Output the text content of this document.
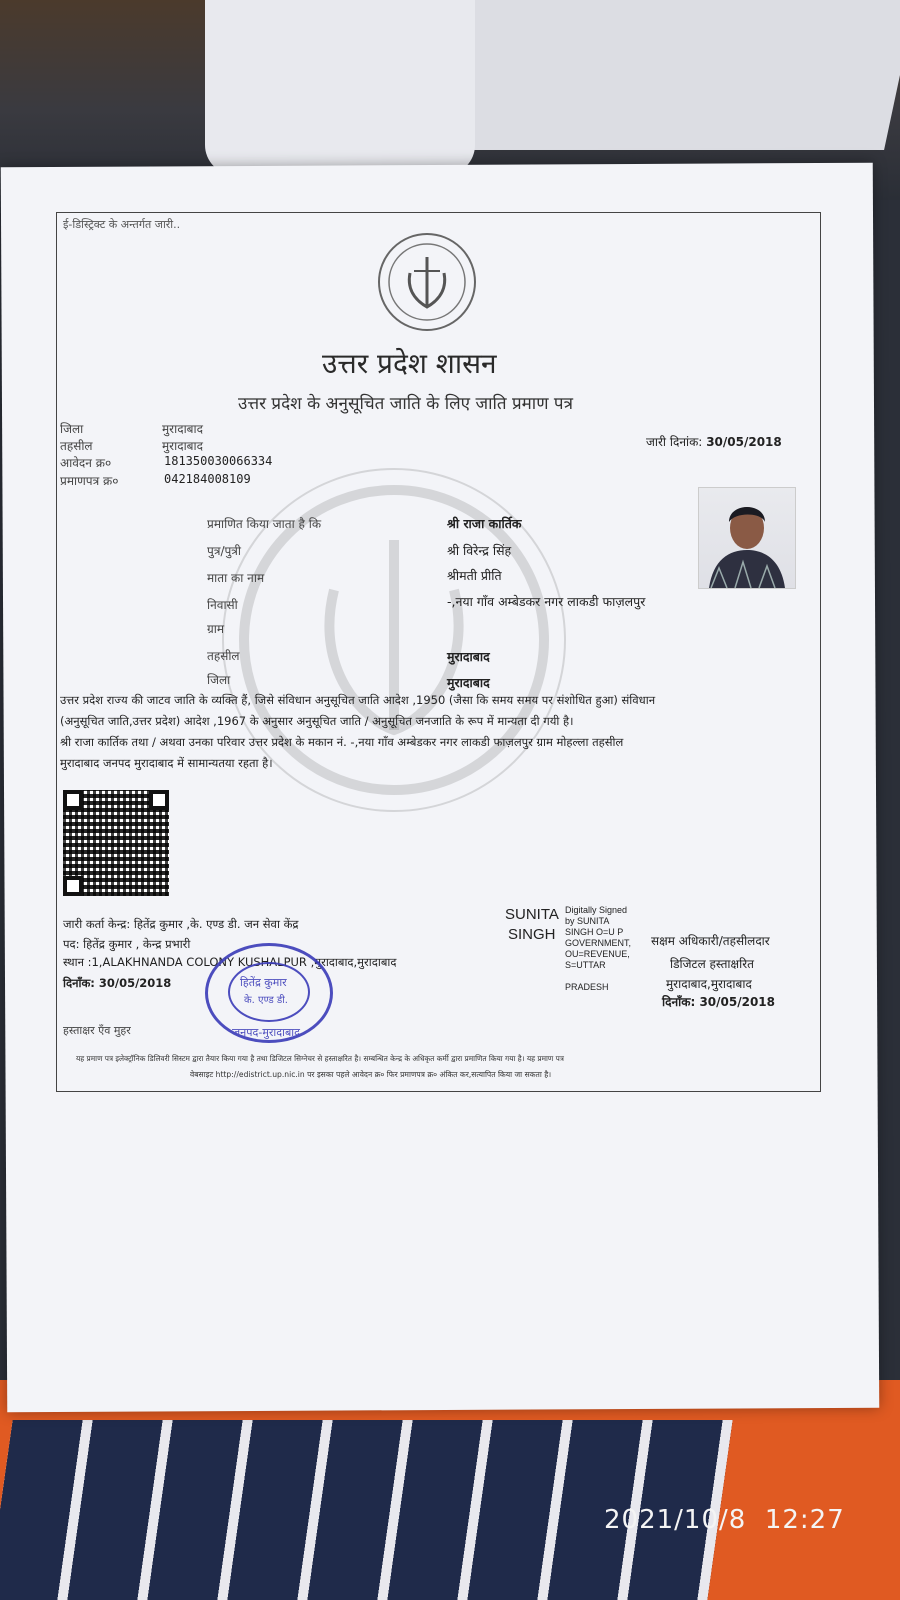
ई-डिस्ट्रिक्ट के अन्तर्गत जारी..
उत्तर प्रदेश शासन
उत्तर प्रदेश के अनुसूचित जाति के लिए जाति प्रमाण पत्र
जारी दिनांक: 30/05/2018
जिला	मुरादाबाद
तहसील	मुरादाबाद
आवेदन क्र०	181350030066334
प्रमाणपत्र क्र०	042184008109
प्रमाणित किया जाता है कि	श्री राजा कार्तिक
पुत्र/पुत्री	श्री विरेन्द्र सिंह
माता का नाम	श्रीमती प्रीति
निवासी	-,नया गाँव अम्बेडकर नगर लाकडी फाज़लपुर
ग्राम
तहसील	मुरादाबाद
जिला	मुरादाबाद
उत्तर प्रदेश राज्य की जाटव जाति के व्यक्ति हैं, जिसे संविधान अनुसूचित जाति आदेश ,1950 (जैसा कि समय समय पर संशोधित हुआ) संविधान
(अनुसूचित जाति,उत्तर प्रदेश) आदेश ,1967 के अनुसार अनुसूचित जाति / अनुसूचित जनजाति के रूप में मान्यता दी गयी है।
श्री राजा कार्तिक तथा / अथवा उनका परिवार उत्तर प्रदेश के मकान नं. -,नया गाँव अम्बेडकर नगर लाकडी फाज़लपुर ग्राम मोहल्ला तहसील
मुरादाबाद जनपद मुरादाबाद में सामान्यतया रहता है।
जारी कर्ता केन्द्र: हितेंद्र कुमार ,के. एण्ड डी. जन सेवा केंद्र
पद: हितेंद्र कुमार , केन्द्र प्रभारी
स्थान :1,ALAKHNANDA COLONY KUSHALPUR ,मुरादाबाद,मुरादाबाद
दिनाँक: 30/05/2018
हस्ताक्षर एँव मुहर
हितेंद्र कुमार
के. एण्ड डी.
जनपद-मुरादाबाद
SUNITA
SINGH
Digitally Signed
by SUNITA
SINGH O=U P
GOVERNMENT,
OU=REVENUE,
S=UTTAR
PRADESH
सक्षम अधिकारी/तहसीलदार
डिजिटल हस्ताक्षरित
मुरादाबाद,मुरादाबाद
दिनाँक: 30/05/2018
यह प्रमाण पत्र इलेक्ट्रॉनिक डिलिवरी सिस्टम द्वारा तैयार किया गया है तथा डिजिटल सिग्नेचर से हस्ताक्षरित है। सम्बन्धित केन्द्र के अधिकृत कर्मी द्वारा प्रमाणित किया गया है। यह प्रमाण पत्र
वेबसाइट http://edistrict.up.nic.in पर इसका पहले आवेदन क्र० फिर प्रमाणपत्र क्र० अंकित कर,सत्यापित किया जा सकता है।
2021/10/8  12:27
